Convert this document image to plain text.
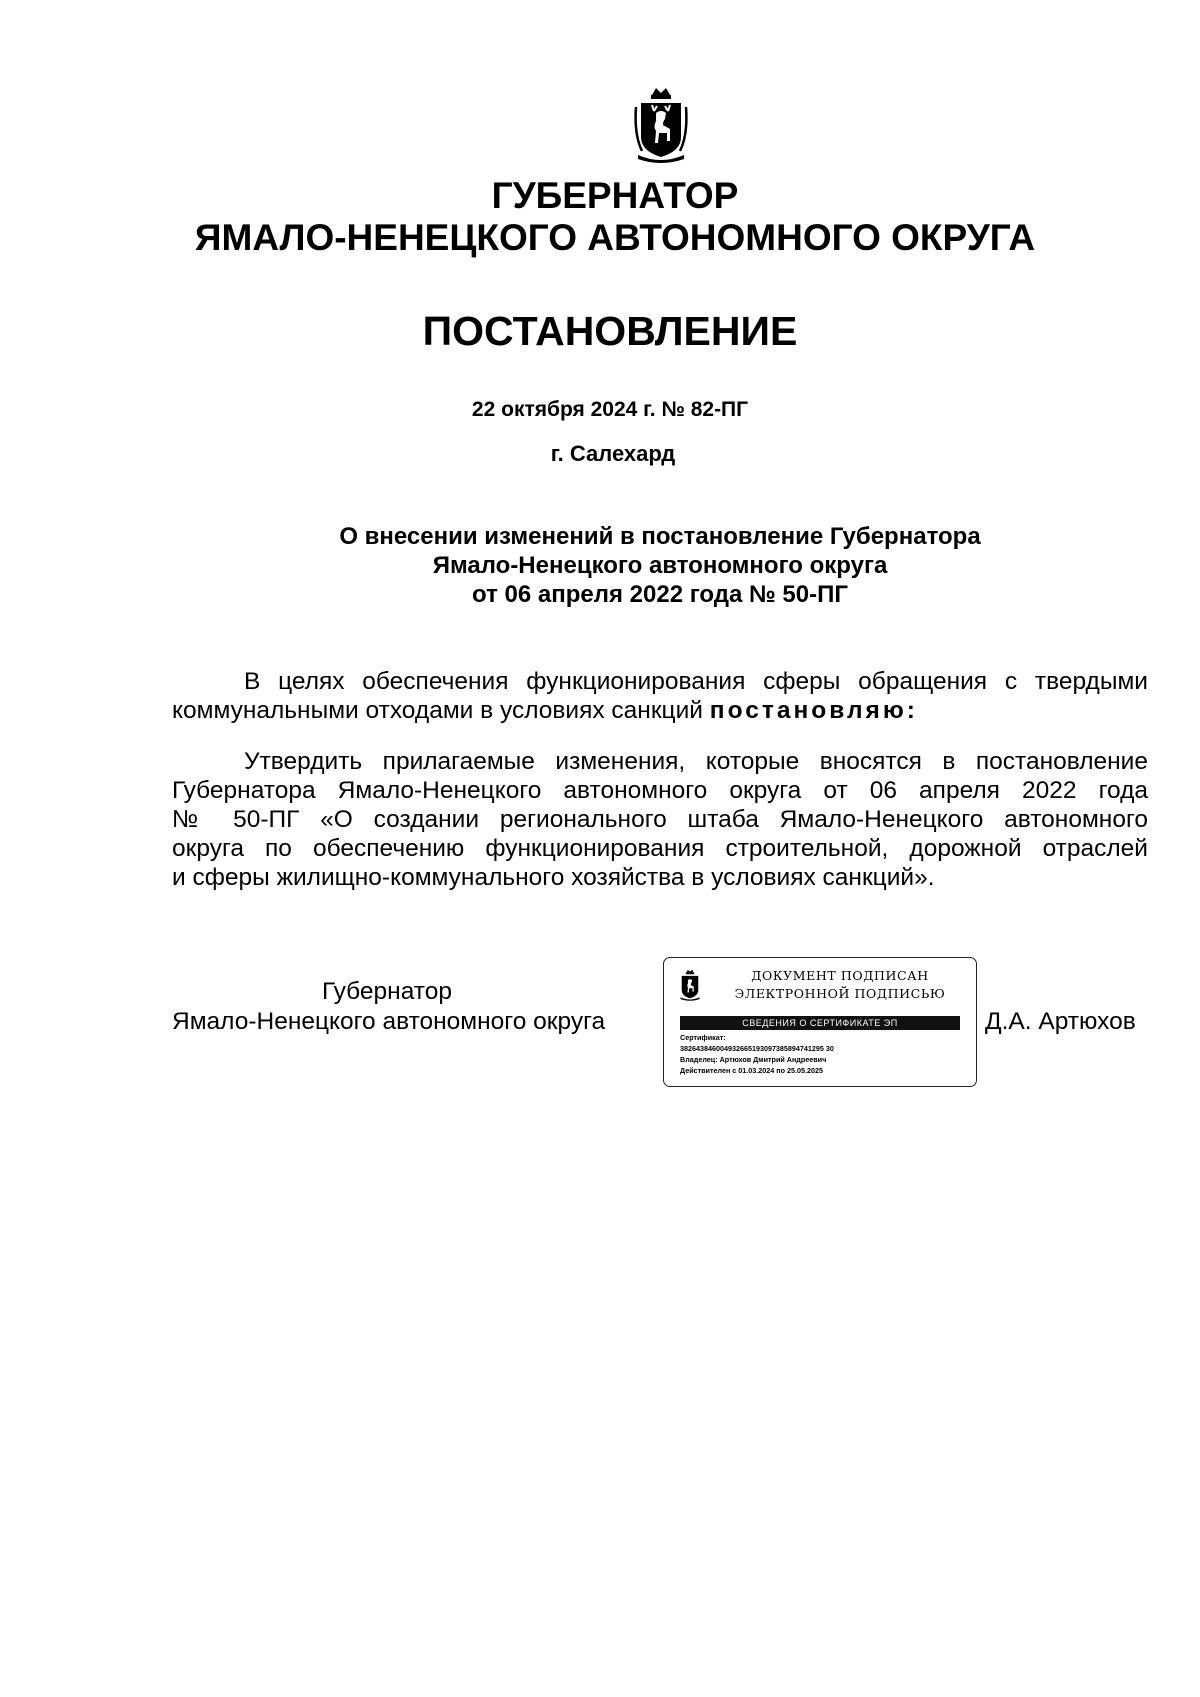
ГУБЕРНАТОР
ЯМАЛО-НЕНЕЦКОГО АВТОНОМНОГО ОКРУГА
ПОСТАНОВЛЕНИЕ
22 октября 2024 г. № 82-ПГ
г. Салехард
О внесении изменений в постановление Губернатора
Ямало-Ненецкого автономного округа
от 06 апреля 2022 года № 50-ПГ
В целях обеспечения функционирования сферы обращения с твердыми
коммунальными отходами в условиях санкций постановляю:
Утвердить прилагаемые изменения, которые вносятся в постановление
Губернатора Ямало-Ненецкого автономного округа от 06 апреля 2022 года
№ 50-ПГ «О создании регионального штаба Ямало-Ненецкого автономного
округа по обеспечению функционирования строительной, дорожной отраслей
и сферы жилищно-коммунального хозяйства в условиях санкций».
Губернатор
Ямало-Ненецкого автономного округа
ДОКУМЕНТ ПОДПИСАН
ЭЛЕКТРОННОЙ ПОДПИСЬЮ
СВЕДЕНИЯ О СЕРТИФИКАТЕ ЭП
Сертификат:
382643846004932665193097385894741295 30
Владелец: Артюхов Дмитрий Андреевич
Действителен с 01.03.2024 по 25.05.2025
Д.А. Артюхов
